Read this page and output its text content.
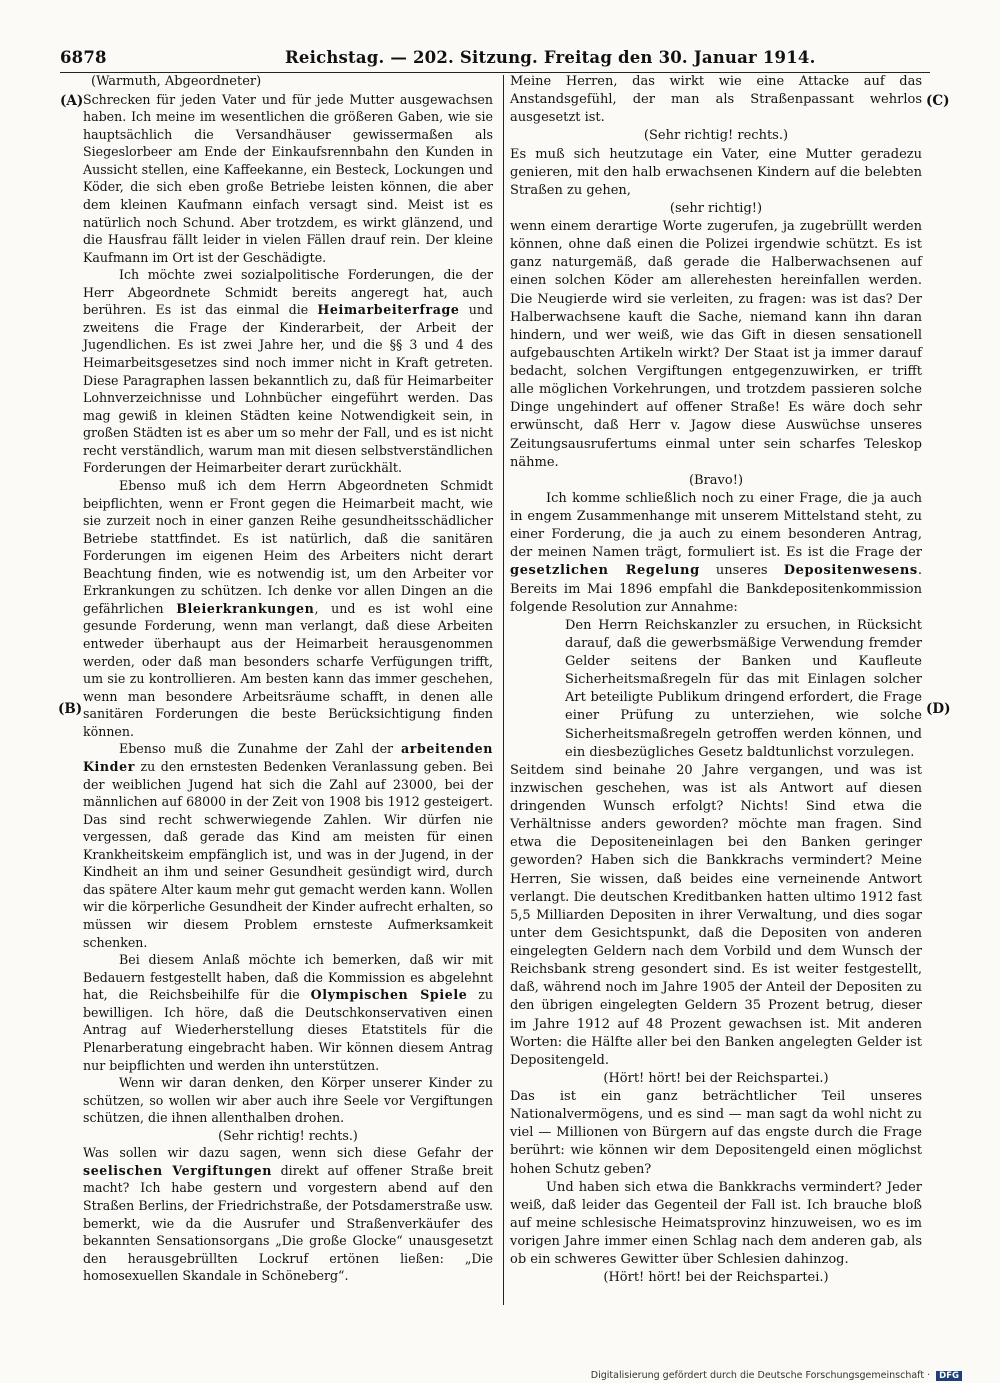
6878	Reichstag. — 202. Sitzung. Freitag den 30. Januar 1914.
(A)
(B)
(C)
(D)

(Warmuth, Abgeordneter)

Schrecken für jeden Vater und für jede Mutter ausgewachsen haben. Ich meine im wesentlichen die größeren Gaben, wie sie hauptsächlich die Versandhäuser gewissermaßen als Siegeslorbeer am Ende der Einkaufsrennbahn den Kunden in Aussicht stellen, eine Kaffeekanne, ein Besteck, Lockungen und Köder, die sich eben große Betriebe leisten können, die aber dem kleinen Kaufmann einfach versagt sind. Meist ist es natürlich noch Schund. Aber trotzdem, es wirkt glänzend, und die Hausfrau fällt leider in vielen Fällen drauf rein. Der kleine Kaufmann im Ort ist der Geschädigte.

Ich möchte zwei sozialpolitische Forderungen, die der Herr Abgeordnete Schmidt bereits angeregt hat, auch berühren. Es ist das einmal die Heimarbeiterfrage und zweitens die Frage der Kinderarbeit, der Arbeit der Jugendlichen. Es ist zwei Jahre her, und die §§ 3 und 4 des Heimarbeitsgesetzes sind noch immer nicht in Kraft getreten. Diese Paragraphen lassen bekanntlich zu, daß für Heimarbeiter Lohnverzeichnisse und Lohnbücher eingeführt werden. Das mag gewiß in kleinen Städten keine Notwendigkeit sein, in großen Städten ist es aber um so mehr der Fall, und es ist nicht recht verständlich, warum man mit diesen selbstverständlichen Forderungen der Heimarbeiter derart zurückhält.

Ebenso muß ich dem Herrn Abgeordneten Schmidt beipflichten, wenn er Front gegen die Heimarbeit macht, wie sie zurzeit noch in einer ganzen Reihe gesundheitsschädlicher Betriebe stattfindet. Es ist natürlich, daß die sanitären Forderungen im eigenen Heim des Arbeiters nicht derart Beachtung finden, wie es notwendig ist, um den Arbeiter vor Erkrankungen zu schützen. Ich denke vor allen Dingen an die gefährlichen Bleierkrankungen, und es ist wohl eine gesunde Forderung, wenn man verlangt, daß diese Arbeiten entweder überhaupt aus der Heimarbeit herausgenommen werden, oder daß man besonders scharfe Verfügungen trifft, um sie zu kontrollieren. Am besten kann das immer geschehen, wenn man besondere Arbeitsräume schafft, in denen alle sanitären Forderungen die beste Berücksichtigung finden können.

Ebenso muß die Zunahme der Zahl der arbeitenden Kinder zu den ernstesten Bedenken Veranlassung geben. Bei der weiblichen Jugend hat sich die Zahl auf 23000, bei der männlichen auf 68000 in der Zeit von 1908 bis 1912 gesteigert. Das sind recht schwerwiegende Zahlen. Wir dürfen nie vergessen, daß gerade das Kind am meisten für einen Krankheitskeim empfänglich ist, und was in der Jugend, in der Kindheit an ihm und seiner Gesundheit gesündigt wird, durch das spätere Alter kaum mehr gut gemacht werden kann. Wollen wir die körperliche Gesundheit der Kinder aufrecht erhalten, so müssen wir diesem Problem ernsteste Aufmerksamkeit schenken.

Bei diesem Anlaß möchte ich bemerken, daß wir mit Bedauern festgestellt haben, daß die Kommission es abgelehnt hat, die Reichsbeihilfe für die Olympischen Spiele zu bewilligen. Ich höre, daß die Deutschkonservativen einen Antrag auf Wiederherstellung dieses Etatstitels für die Plenarberatung eingebracht haben. Wir können diesem Antrag nur beipflichten und werden ihn unterstützen.

Wenn wir daran denken, den Körper unserer Kinder zu schützen, so wollen wir aber auch ihre Seele vor Vergiftungen schützen, die ihnen allenthalben drohen.

(Sehr richtig! rechts.)

Was sollen wir dazu sagen, wenn sich diese Gefahr der seelischen Vergiftungen direkt auf offener Straße breit macht? Ich habe gestern und vorgestern abend auf den Straßen Berlins, der Friedrichstraße, der Potsdamerstraße usw. bemerkt, wie da die Ausrufer und Straßenverkäufer des bekannten Sensationsorgans „Die große Glocke“ unausgesetzt den herausgebrüllten Lockruf ertönen ließen: „Die homosexuellen Skandale in Schöneberg“.

Meine Herren, das wirkt wie eine Attacke auf das Anstandsgefühl, der man als Straßenpassant wehrlos ausgesetzt ist.

(Sehr richtig! rechts.)

Es muß sich heutzutage ein Vater, eine Mutter geradezu genieren, mit den halb erwachsenen Kindern auf die belebten Straßen zu gehen,

(sehr richtig!)

wenn einem derartige Worte zugerufen, ja zugebrüllt werden können, ohne daß einen die Polizei irgendwie schützt. Es ist ganz naturgemäß, daß gerade die Halberwachsenen auf einen solchen Köder am allerehesten hereinfallen werden. Die Neugierde wird sie verleiten, zu fragen: was ist das? Der Halberwachsene kauft die Sache, niemand kann ihn daran hindern, und wer weiß, wie das Gift in diesen sensationell aufgebauschten Artikeln wirkt? Der Staat ist ja immer darauf bedacht, solchen Vergiftungen entgegenzuwirken, er trifft alle möglichen Vorkehrungen, und trotzdem passieren solche Dinge ungehindert auf offener Straße! Es wäre doch sehr erwünscht, daß Herr v. Jagow diese Auswüchse unseres Zeitungsausrufertums einmal unter sein scharfes Teleskop nähme.

(Bravo!)

Ich komme schließlich noch zu einer Frage, die ja auch in engem Zusammenhange mit unserem Mittelstand steht, zu einer Forderung, die ja auch zu einem besonderen Antrag, der meinen Namen trägt, formuliert ist. Es ist die Frage der gesetzlichen Regelung unseres Depositenwesens. Bereits im Mai 1896 empfahl die Bankdepositenkommission folgende Resolution zur Annahme:

Den Herrn Reichskanzler zu ersuchen, in Rücksicht darauf, daß die gewerbsmäßige Verwendung fremder Gelder seitens der Banken und Kaufleute Sicherheitsmaßregeln für das mit Einlagen solcher Art beteiligte Publikum dringend erfordert, die Frage einer Prüfung zu unterziehen, wie solche Sicherheitsmaßregeln getroffen werden können, und ein diesbezügliches Gesetz baldtunlichst vorzulegen.

Seitdem sind beinahe 20 Jahre vergangen, und was ist inzwischen geschehen, was ist als Antwort auf diesen dringenden Wunsch erfolgt? Nichts! Sind etwa die Verhältnisse anders geworden? möchte man fragen. Sind etwa die Depositeneinlagen bei den Banken geringer geworden? Haben sich die Bankkrachs vermindert? Meine Herren, Sie wissen, daß beides eine verneinende Antwort verlangt. Die deutschen Kreditbanken hatten ultimo 1912 fast 5,5 Milliarden Depositen in ihrer Verwaltung, und dies sogar unter dem Gesichtspunkt, daß die Depositen von anderen eingelegten Geldern nach dem Vorbild und dem Wunsch der Reichsbank streng gesondert sind. Es ist weiter festgestellt, daß, während noch im Jahre 1905 der Anteil der Depositen zu den übrigen eingelegten Geldern 35 Prozent betrug, dieser im Jahre 1912 auf 48 Prozent gewachsen ist. Mit anderen Worten: die Hälfte aller bei den Banken angelegten Gelder ist Depositengeld.

(Hört! hört! bei der Reichspartei.)

Das ist ein ganz beträchtlicher Teil unseres Nationalvermögens, und es sind — man sagt da wohl nicht zu viel — Millionen von Bürgern auf das engste durch die Frage berührt: wie können wir dem Depositengeld einen möglichst hohen Schutz geben?

Und haben sich etwa die Bankkrachs vermindert? Jeder weiß, daß leider das Gegenteil der Fall ist. Ich brauche bloß auf meine schlesische Heimatsprovinz hinzuweisen, wo es im vorigen Jahre immer einen Schlag nach dem anderen gab, als ob ein schweres Gewitter über Schlesien dahinzog.

(Hört! hört! bei der Reichspartei.)

Digitalisierung gefördert durch die Deutsche Forschungsgemeinschaft · DFG
